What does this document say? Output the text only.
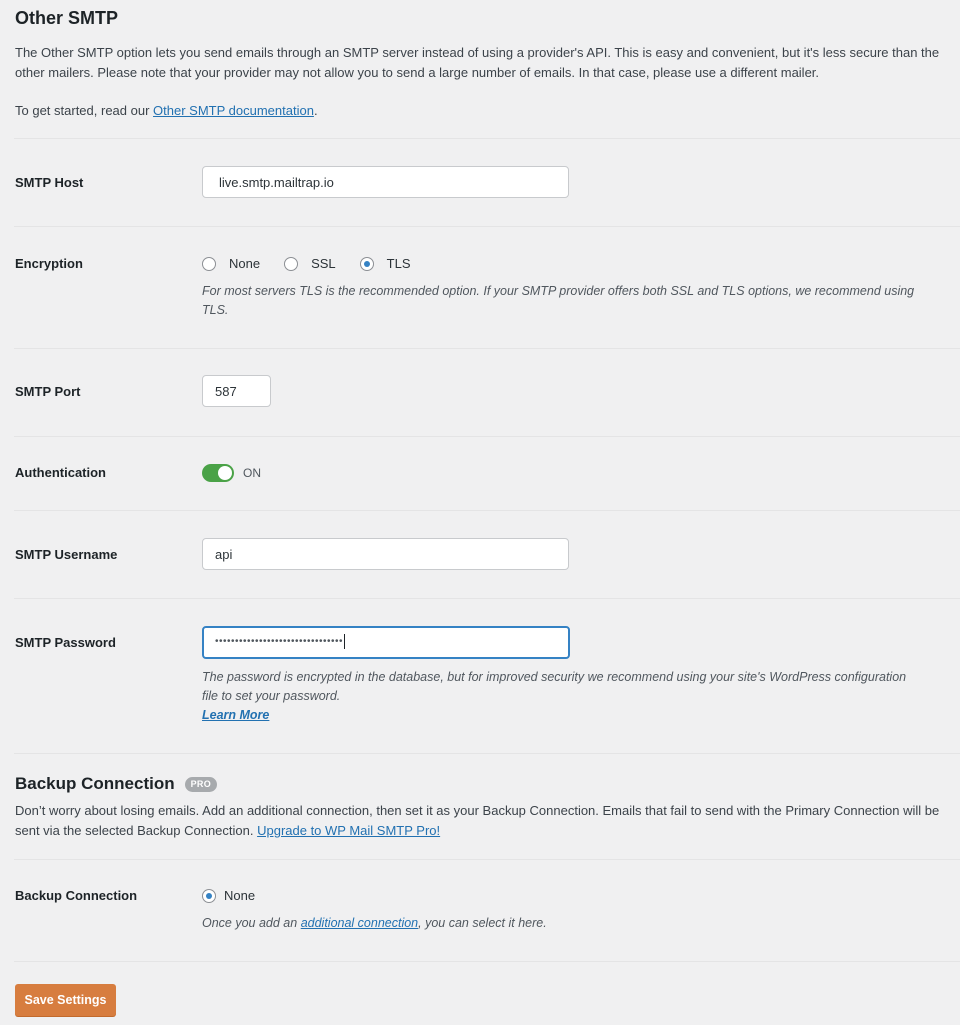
Other SMTP

The Other SMTP option lets you send emails through an SMTP server instead of using a provider's API. This is easy and convenient, but it's less secure than the other mailers. Please note that your provider may not allow you to send a large number of emails. In that case, please use a different mailer.

To get started, read our Other SMTP documentation.

SMTP Host
live.smtp.mailtrap.io
Encryption	None	SSL	TLS
For most servers TLS is the recommended option. If your SMTP provider offers both SSL and TLS options, we recommend using TLS.
SMTP Port
587
Authentication	ON
SMTP Username
api
SMTP Password	••••••••••••••••••••••••••••••••
The password is encrypted in the database, but for improved security we recommend using your site's WordPress configuration file to set your password.
Learn More
Backup Connection	PRO

Don’t worry about losing emails. Add an additional connection, then set it as your Backup Connection. Emails that fail to send with the Primary Connection will be sent via the selected Backup Connection. Upgrade to WP Mail SMTP Pro!

Backup Connection	None
Once you add an additional connection, you can select it here.
Save Settings
